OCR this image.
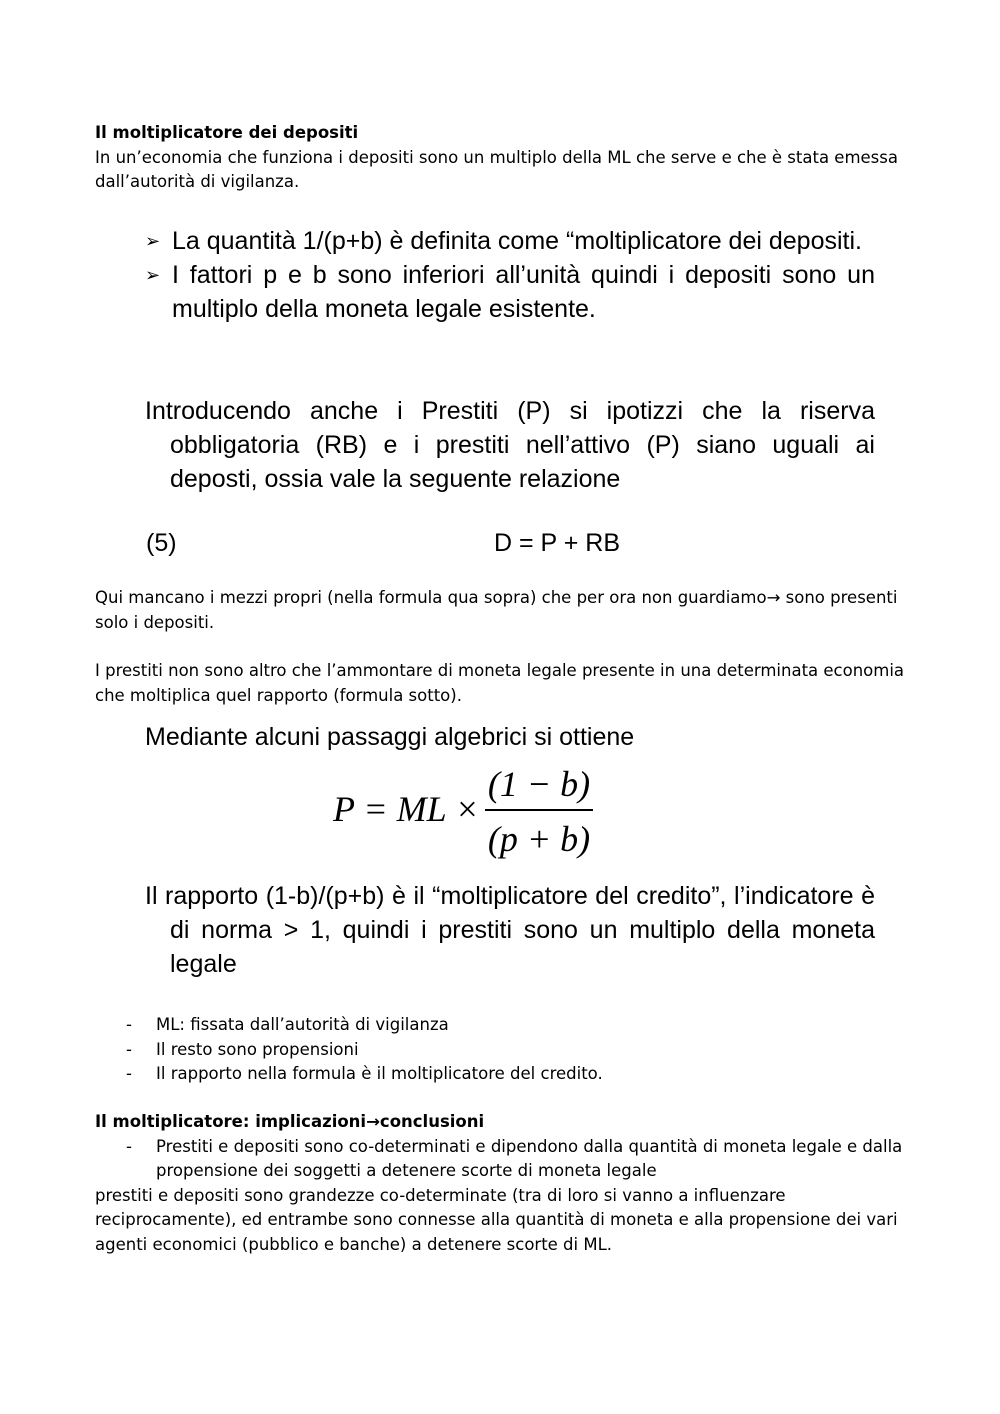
Il moltiplicatore dei depositi

In un’economia che funziona i depositi sono un multiplo della ML che serve e che è stata emessa dall’autorità di vigilanza.

➢ La quantità 1/(p+b) è definita come “moltiplicatore dei depositi.
➢ I fattori p e b sono inferiori all’unità quindi i depositi sono un multiplo della moneta legale esistente.
Introducendo anche i Prestiti (P) si ipotizzi che la riserva obbligatoria (RB) e i prestiti nell’attivo (P) siano uguali ai deposti, ossia vale la seguente relazione
(5)	D = P + RB

Qui mancano i mezzi propri (nella formula qua sopra) che per ora non guardiamo→ sono presenti solo i depositi.

I prestiti non sono altro che l’ammontare di moneta legale presente in una determinata economia che moltiplica quel rapporto (formula sotto).

Mediante alcuni passaggi algebrici si ottiene
P = ML ×
(1 − b)
(p + b)
Il rapporto (1-b)/(p+b) è il “moltiplicatore del credito”, l’indicatore è di norma > 1, quindi i prestiti sono un multiplo della moneta legale
- ML: fissata dall’autorità di vigilanza
- Il resto sono propensioni
- Il rapporto nella formula è il moltiplicatore del credito.

Il moltiplicatore: implicazioni→conclusioni

- Prestiti e depositi sono co-determinati e dipendono dalla quantità di moneta legale e dalla propensione dei soggetti a detenere scorte di moneta legale

prestiti e depositi sono grandezze co-determinate (tra di loro si vanno a influenzare reciprocamente), ed entrambe sono connesse alla quantità di moneta e alla propensione dei vari agenti economici (pubblico e banche) a detenere scorte di ML.
